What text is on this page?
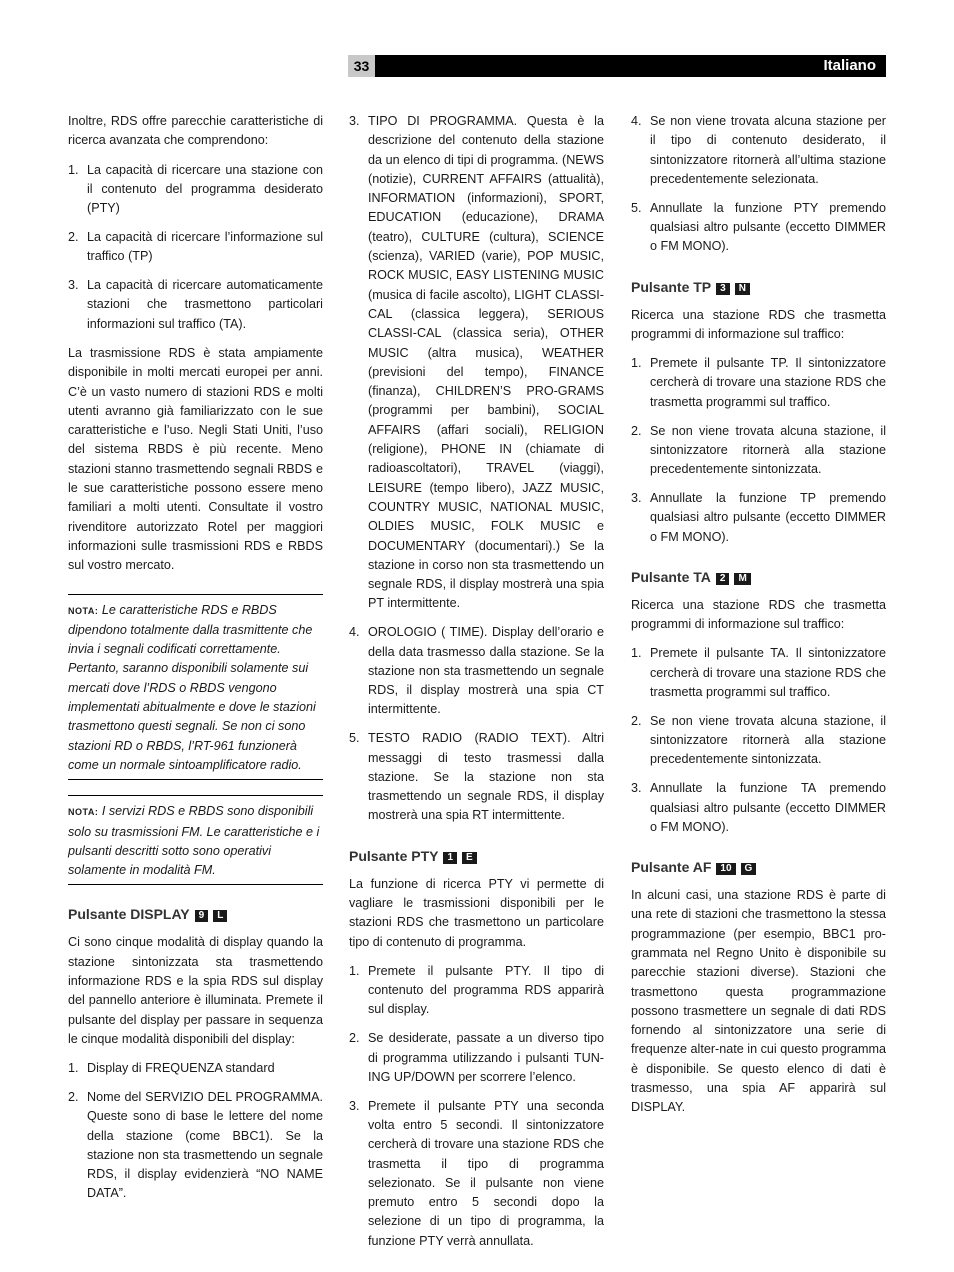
33	Italiano

Inoltre, RDS offre parecchie caratteristiche di ricerca avanzata che comprendono:

1. La capacità di ricercare una stazione con il contenuto del programma desiderato (PTY)
2. La capacità di ricercare l’informazione sul traffico (TP)
3. La capacità di ricercare automaticamente stazioni che trasmettono particolari informazioni sul traffico (TA).

La trasmissione RDS è stata ampiamente disponibile in molti mercati europei per anni. C’è un vasto numero di stazioni RDS e molti utenti avranno già familiarizzato con le sue caratteristiche e l’uso. Negli Stati Uniti, l’uso del sistema RBDS è più recente. Meno stazioni stanno trasmettendo segnali RBDS e le sue caratteristiche possono essere meno familiari a molti utenti. Consultate il vostro rivenditore autorizzato Rotel per maggiori informazioni sulle trasmissioni RDS e RBDS sul vostro mercato.

NOTA: Le caratteristiche RDS e RBDS dipendono totalmente dalla trasmittente che invia i segnali codificati correttamente. Pertanto, saranno disponibili solamente sui mercati dove l’RDS o RBDS vengono implementati abitualmente e dove le stazioni trasmettono questi segnali. Se non ci sono stazioni RD o RBDS, l’RT-961 funzionerà come un normale sintoamplificatore radio.
NOTA: I servizi RDS e RBDS sono disponibili solo su trasmissioni FM. Le caratteristiche e i pulsanti descritti sotto sono operativi solamente in modalità FM.
Pulsante DISPLAY 9 L

Ci sono cinque modalità di display quando la stazione sintonizzata sta trasmettendo informazione RDS e la spia RDS sul display del pannello anteriore è illuminata. Premete il pulsante del display per passare in sequenza le cinque modalità disponibili del display:

1. Display di FREQUENZA standard
2. Nome del SERVIZIO DEL PROGRAMMA. Queste sono di base le lettere del nome della stazione (come BBC1). Se la stazione non sta trasmettendo un segnale RDS, il display evidenzierà “NO NAME DATA”.
3. TIPO DI PROGRAMMA. Questa è la descrizione del contenuto della stazione da un elenco di tipi di programma. (NEWS (notizie), CURRENT AFFAIRS (attualità), INFORMATION (informazioni), SPORT, EDUCATION (educazione), DRAMA (teatro), CULTURE (cultura), SCIENCE (scienza), VARIED (varie), POP MUSIC, ROCK MUSIC, EASY LISTENING MUSIC (musica di facile ascolto), LIGHT CLASSI-CAL (classica leggera), SERIOUS CLASSI-CAL (classica seria), OTHER MUSIC (altra musica), WEATHER (previsioni del tempo), FINANCE (finanza), CHILDREN’S PRO-GRAMS (programmi per bambini), SOCIAL AFFAIRS (affari sociali), RELIGION (religione), PHONE IN (chiamate di radioascoltatori), TRAVEL (viaggi), LEISURE (tempo libero), JAZZ MUSIC, COUNTRY MUSIC, NATIONAL MUSIC, OLDIES MUSIC, FOLK MUSIC e DOCUMENTARY (documentari).) Se la stazione in corso non sta trasmettendo un segnale RDS, il display mostrerà una spia PT intermittente.
4. OROLOGIO ( TIME). Display dell’orario e della data trasmesso dalla stazione. Se la stazione non sta trasmettendo un segnale RDS, il display mostrerà una spia CT intermittente.
5. TESTO RADIO (RADIO TEXT). Altri messaggi di testo trasmessi dalla stazione. Se la stazione non sta trasmettendo un segnale RDS, il display mostrerà una spia RT intermittente.
Pulsante PTY 1 E

La funzione di ricerca PTY vi permette di vagliare le trasmissioni disponibili per le stazioni RDS che trasmettono un particolare tipo di contenuto di programma.

1. Premete il pulsante PTY. Il tipo di contenuto del programma RDS apparirà sul display.
2. Se desiderate, passate a un diverso tipo di programma utilizzando i pulsanti TUN-ING UP/DOWN per scorrere l’elenco.
3. Premete il pulsante PTY una seconda volta entro 5 secondi. Il sintonizzatore cercherà di trovare una stazione RDS che trasmetta il tipo di programma selezionato. Se il pulsante non viene premuto entro 5 secondi dopo la selezione di un tipo di programma, la funzione PTY verrà annullata.
4. Se non viene trovata alcuna stazione per il tipo di contenuto desiderato, il sintonizzatore ritornerà all’ultima stazione precedentemente selezionata.
5. Annullate la funzione PTY premendo qualsiasi altro pulsante (eccetto DIMMER o FM MONO).
Pulsante TP 3 N

Ricerca una stazione RDS che trasmetta programmi di informazione sul traffico:

1. Premete il pulsante TP. Il sintonizzatore cercherà di trovare una stazione RDS che trasmetta programmi sul traffico.
2. Se non viene trovata alcuna stazione, il sintonizzatore ritornerà alla stazione precedentemente sintonizzata.
3. Annullate la funzione TP premendo qualsiasi altro pulsante (eccetto DIMMER o FM MONO).
Pulsante TA 2 M

Ricerca una stazione RDS che trasmetta programmi di informazione sul traffico:

1. Premete il pulsante TA. Il sintonizzatore cercherà di trovare una stazione RDS che trasmetta programmi sul traffico.
2. Se non viene trovata alcuna stazione, il sintonizzatore ritornerà alla stazione precedentemente sintonizzata.
3. Annullate la funzione TA premendo qualsiasi altro pulsante (eccetto DIMMER o FM MONO).
Pulsante AF 10 G

In alcuni casi, una stazione RDS è parte di una rete di stazioni che trasmettono la stessa programmazione (per esempio, BBC1 pro-grammata nel Regno Unito è disponibile su parecchie stazioni diverse). Stazioni che trasmettono questa programmazione possono trasmettere un segnale di dati RDS fornendo al sintonizzatore una serie di frequenze alter-nate in cui questo programma è disponibile. Se questo elenco di dati è trasmesso, una spia AF apparirà sul DISPLAY.
